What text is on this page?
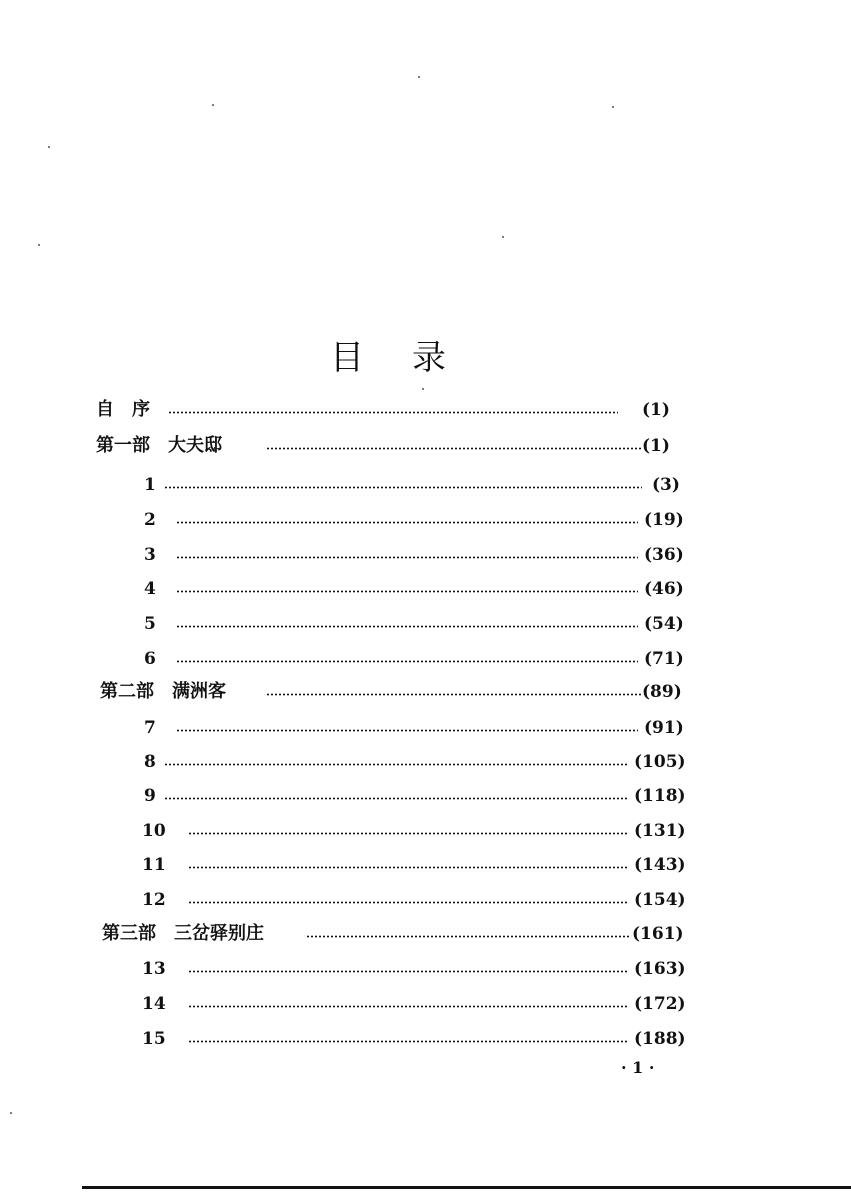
目 录
自　序	(1)
第一部　大夫邸	(1)
1	(3)
2	(19)
3	(36)
4	(46)
5	(54)
6	(71)
第二部　满洲客	(89)
7	(91)
8	(105)
9	(118)
10	(131)
11	(143)
12	(154)
第三部　三岔驿别庄	(161)
13	(163)
14	(172)
15	(188)
· 1 ·
